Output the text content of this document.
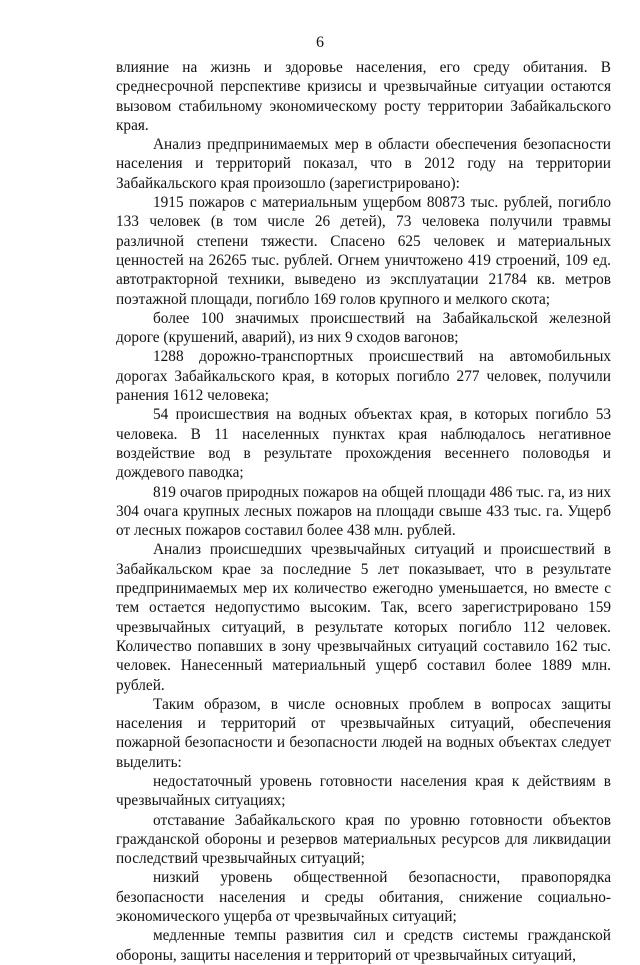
6

влияние на жизнь и здоровье населения, его среду обитания. В среднесрочной перспективе кризисы и чрезвычайные ситуации остаются вызовом стабильному экономическому росту территории Забайкальского края.

Анализ предпринимаемых мер в области обеспечения безопасности населения и территорий показал, что в 2012 году на территории Забайкальского края произошло (зарегистрировано):

1915 пожаров с материальным ущербом 80873 тыс. рублей, погибло 133 человек (в том числе 26 детей), 73 человека получили травмы различной степени тяжести. Спасено 625 человек и материальных ценностей на 26265 тыс. рублей. Огнем уничтожено 419 строений, 109 ед. автотракторной техники, выведено из эксплуатации 21784 кв. метров поэтажной площади, погибло 169 голов крупного и мелкого скота;

более 100 значимых происшествий на Забайкальской железной дороге (крушений, аварий), из них 9 сходов вагонов;

1288 дорожно-транспортных происшествий на автомобильных дорогах Забайкальского края, в которых погибло 277 человек, получили ранения 1612 человека;

54 происшествия на водных объектах края, в которых погибло 53 человека. В 11 населенных пунктах края наблюдалось негативное воздействие вод в результате прохождения весеннего половодья и дождевого паводка;

819 очагов природных пожаров на общей площади 486 тыс. га, из них 304 очага крупных лесных пожаров на площади свыше 433 тыс. га. Ущерб от лесных пожаров составил более 438 млн. рублей.

Анализ происшедших чрезвычайных ситуаций и происшествий в Забайкальском крае за последние 5 лет показывает, что в результате предпринимаемых мер их количество ежегодно уменьшается, но вместе с тем остается недопустимо высоким. Так, всего зарегистрировано 159 чрезвычайных ситуаций, в результате которых погибло 112 человек. Количество попавших в зону чрезвычайных ситуаций составило 162 тыс. человек. Нанесенный материальный ущерб составил более 1889 млн. рублей.

Таким образом, в числе основных проблем в вопросах защиты населения и территорий от чрезвычайных ситуаций, обеспечения пожарной безопасности и безопасности людей на водных объектах следует выделить:

недостаточный уровень готовности населения края к действиям в чрезвычайных ситуациях;

отставание Забайкальского края по уровню готовности объектов гражданской обороны и резервов материальных ресурсов для ликвидации последствий чрезвычайных ситуаций;

низкий уровень общественной безопасности, правопорядка безопасности населения и среды обитания, снижение социально-экономического ущерба от чрезвычайных ситуаций;

медленные темпы развития сил и средств системы гражданской обороны, защиты населения и территорий от чрезвычайных ситуаций,
